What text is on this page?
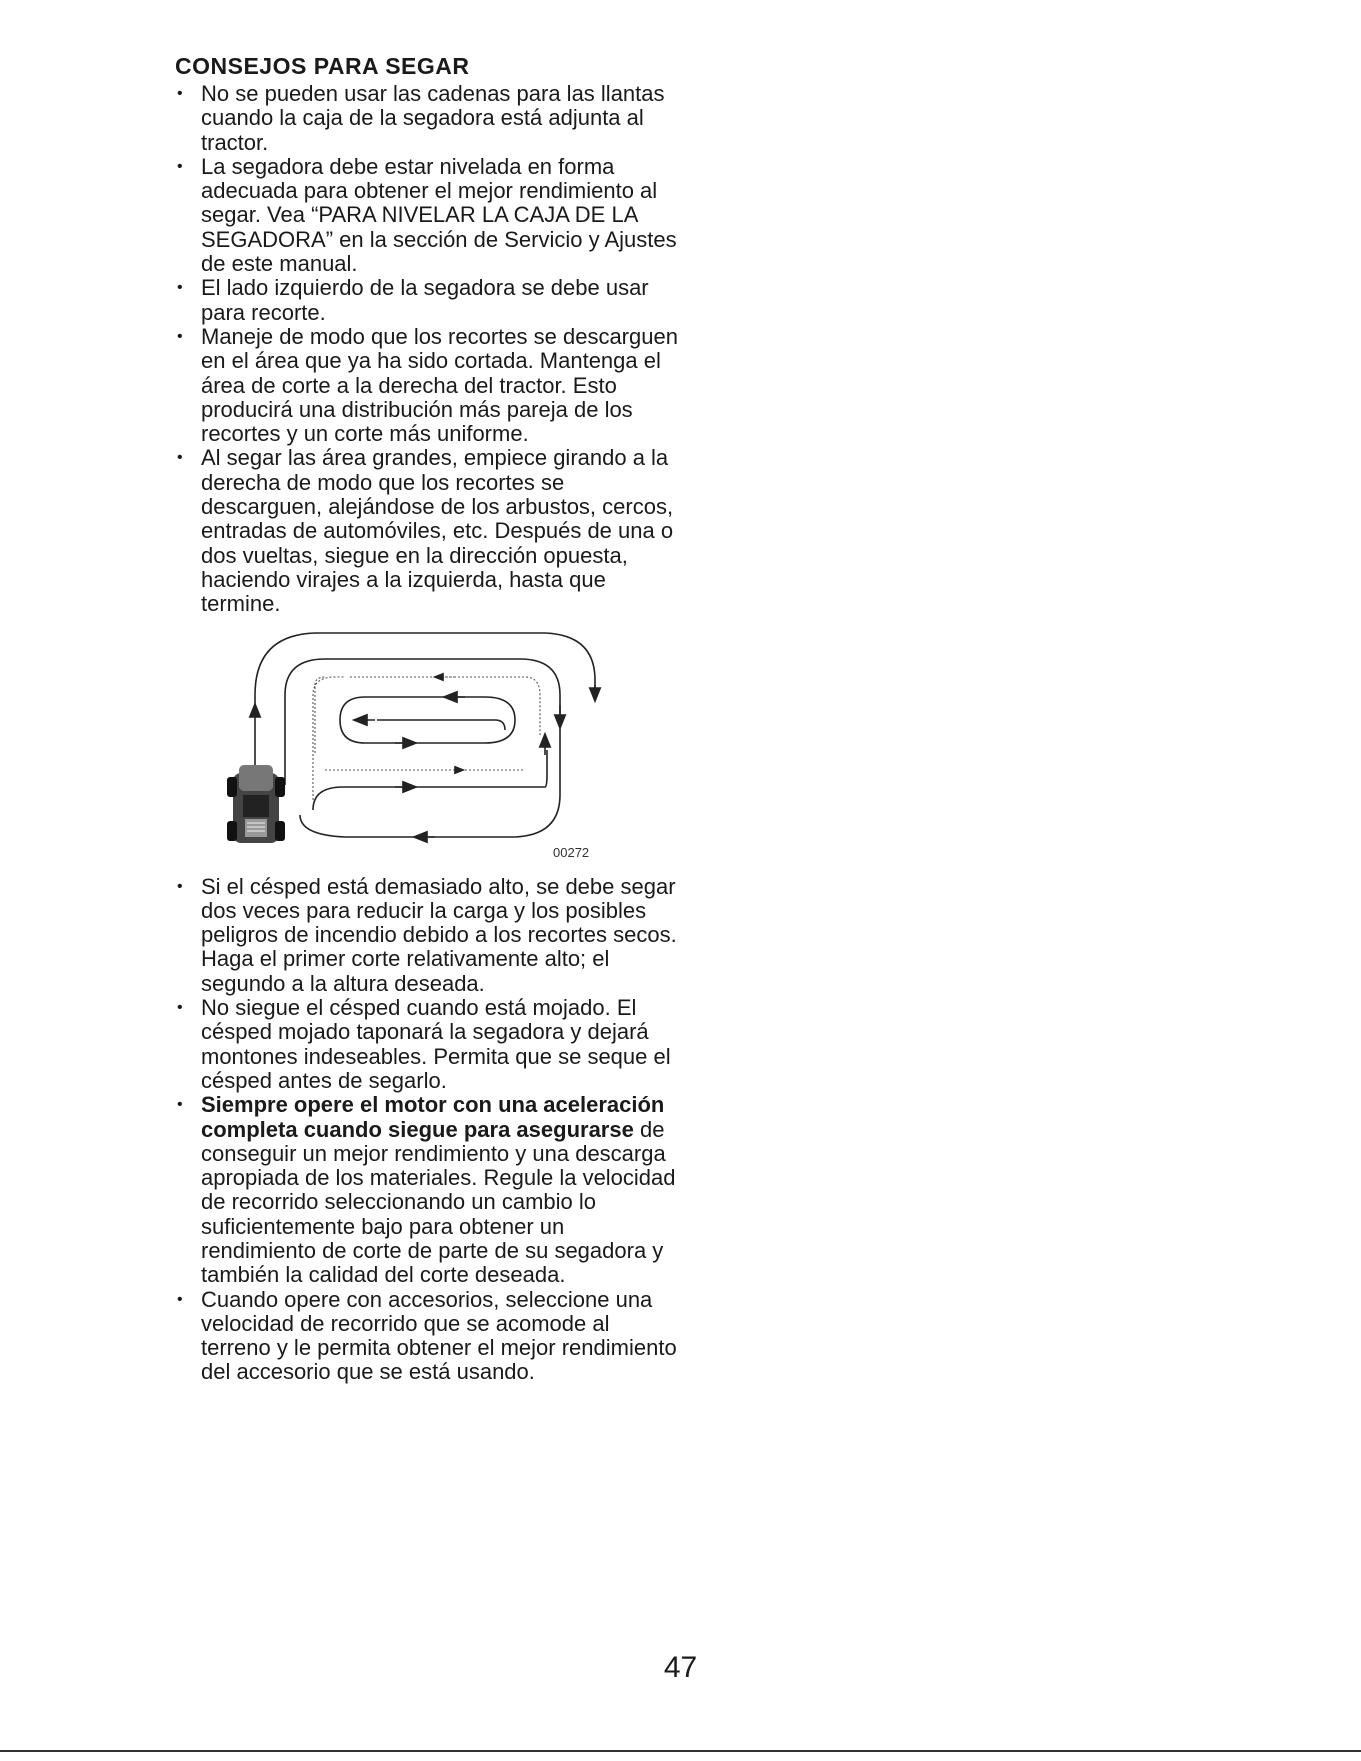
CONSEJOS PARA SEGAR
• No se pueden usar las cadenas para las llantas cuando la caja de la segadora está adjunta al tractor.
• La segadora debe estar nivelada en forma adecuada para obtener el mejor rendimiento al segar. Vea “PARA NIVELAR LA CAJA DE LA SEGADORA” en la sección de Servicio y Ajustes de este manual.
• El lado izquierdo de la segadora se debe usar para recorte.
• Maneje de modo que los recortes se descarguen en el área que ya ha sido cortada. Mantenga el área de corte a la derecha del tractor. Esto producirá una distribución más pareja de los recortes y un corte más uniforme.
• Al segar las área grandes, empiece girando a la derecha de modo que los recortes se descarguen, alejándose de los arbustos, cercos, entradas de automóviles, etc. Después de una o dos vueltas, siegue en la dirección opuesta, haciendo virajes a la izquierda, hasta que termine.
00272
• Si el césped está demasiado alto, se debe segar dos veces para reducir la carga y los posibles peligros de incendio debido a los recortes secos. Haga el primer corte relativamente alto; el segundo a la altura deseada.
• No siegue el césped cuando está mojado. El césped mojado taponará la segadora y dejará montones indeseables. Permita que se seque el césped antes de segarlo.
• Siempre opere el motor con una aceleración completa cuando siegue para asegurarse de conseguir un mejor rendimiento y una descarga apropiada de los materiales. Regule la velocidad de recorrido seleccionando un cambio lo suficientemente bajo para obtener un rendimiento de corte de parte de su segadora y también la calidad del corte deseada.
• Cuando opere con accesorios, seleccione una velocidad de recorrido que se acomode al terreno y le permita obtener el mejor rendimiento del accesorio que se está usando.
47
